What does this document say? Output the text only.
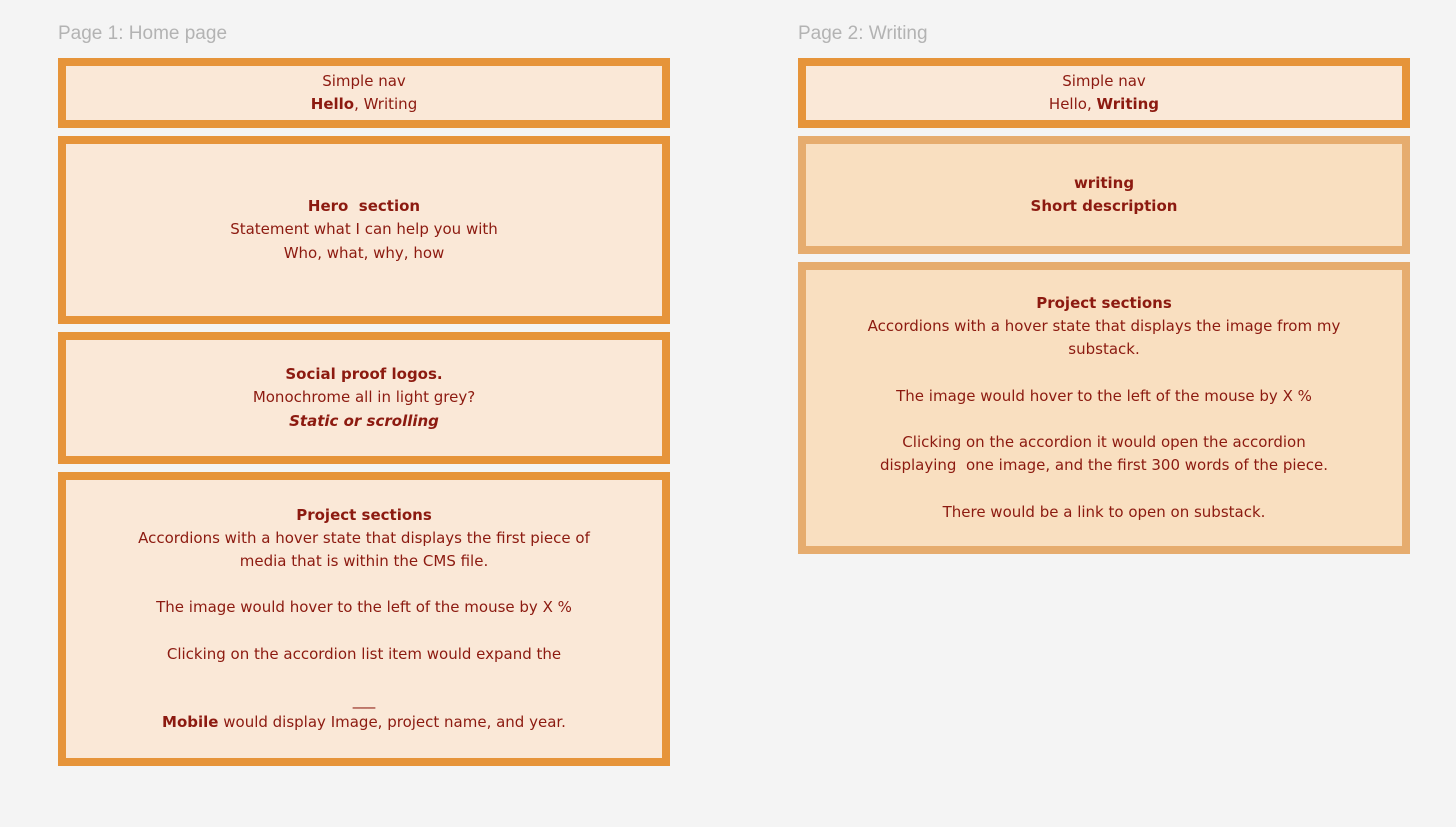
Page 1: Home page
Simple nav
Hello, Writing
Hero  section
Statement what I can help you with
Who, what, why, how
Social proof logos.
Monochrome all in light grey?
Static or scrolling
Project sections
Accordions with a hover state that displays the first piece of
media that is within the CMS file.
The image would hover to the left of the mouse by X %
Clicking on the accordion list item would expand the
___
Mobile would display Image, project name, and year.
Page 2: Writing
Simple nav
Hello, Writing
writing
Short description
Project sections
Accordions with a hover state that displays the image from my
substack.
The image would hover to the left of the mouse by X %
Clicking on the accordion it would open the accordion
displaying  one image, and the first 300 words of the piece.
There would be a link to open on substack.
